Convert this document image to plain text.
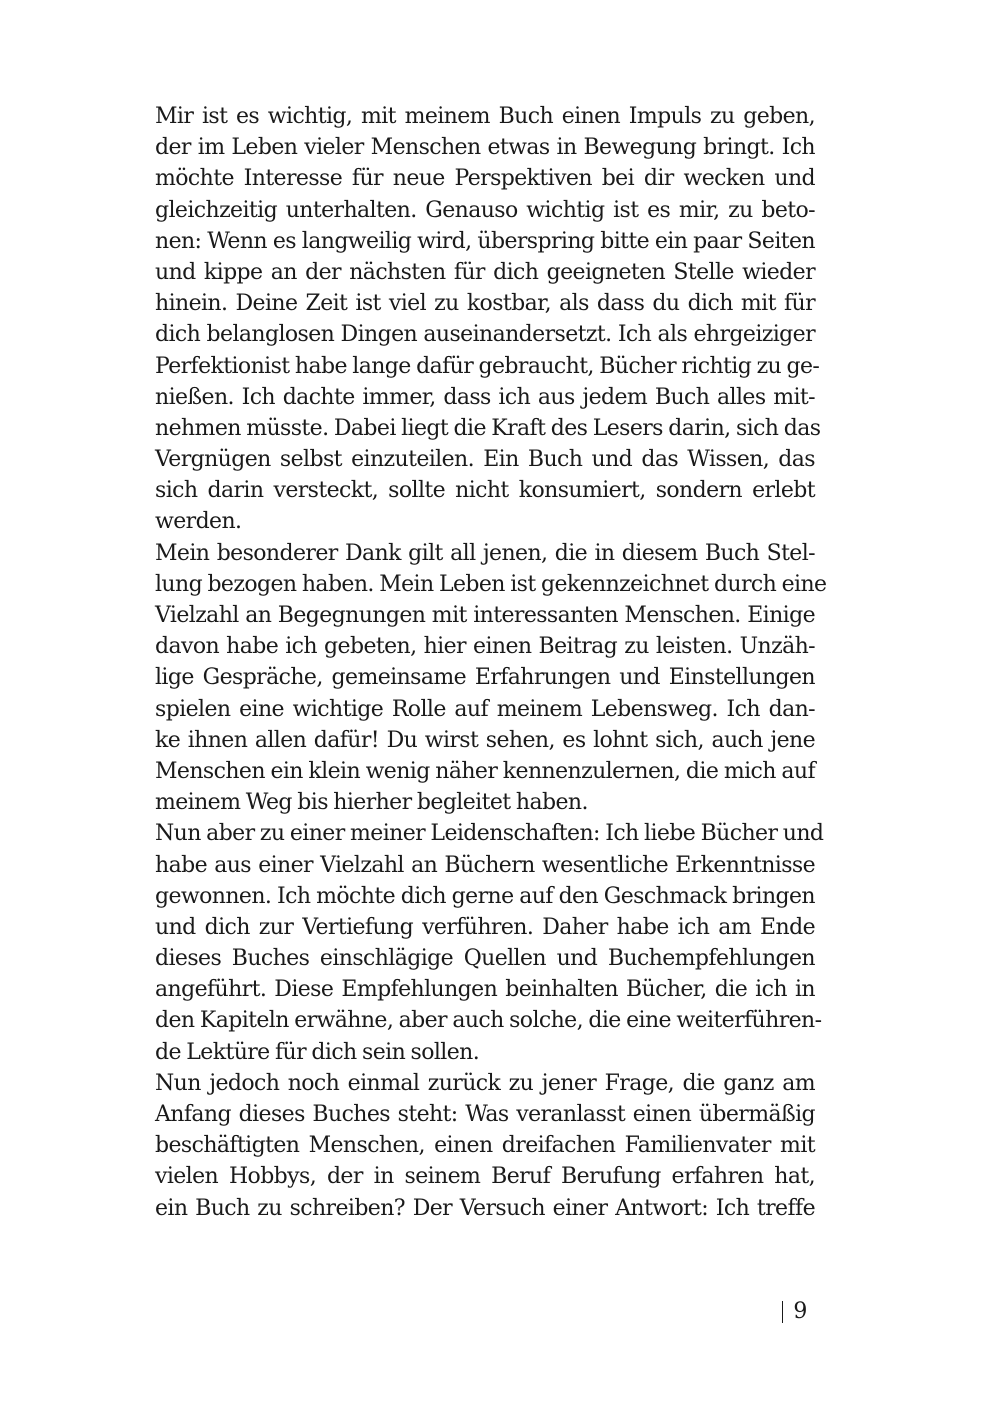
Mir ist es wichtig, mit meinem Buch einen Impuls zu geben,
der im Leben vieler Menschen etwas in Bewegung bringt. Ich
möchte Interesse für neue Perspektiven bei dir wecken und
gleichzeitig unterhalten. Genauso wichtig ist es mir, zu beto-
nen: Wenn es langweilig wird, überspring bitte ein paar Seiten
und kippe an der nächsten für dich geeigneten Stelle wieder
hinein. Deine Zeit ist viel zu kostbar, als dass du dich mit für
dich belanglosen Dingen auseinandersetzt. Ich als ehrgeiziger
Perfektionist habe lange dafür gebraucht, Bücher richtig zu ge-
nießen. Ich dachte immer, dass ich aus jedem Buch alles mit-
nehmen müsste. Dabei liegt die Kraft des Lesers darin, sich das
Vergnügen selbst einzuteilen. Ein Buch und das Wissen, das
sich darin versteckt, sollte nicht konsumiert, sondern erlebt
werden.
Mein besonderer Dank gilt all jenen, die in diesem Buch Stel-
lung bezogen haben. Mein Leben ist gekennzeichnet durch eine
Vielzahl an Begegnungen mit interessanten Menschen. Einige
davon habe ich gebeten, hier einen Beitrag zu leisten. Unzäh-
lige Gespräche, gemeinsame Erfahrungen und Einstellungen
spielen eine wichtige Rolle auf meinem Lebensweg. Ich dan-
ke ihnen allen dafür! Du wirst sehen, es lohnt sich, auch jene
Menschen ein klein wenig näher kennenzulernen, die mich auf
meinem Weg bis hierher begleitet haben.
Nun aber zu einer meiner Leidenschaften: Ich liebe Bücher und
habe aus einer Vielzahl an Büchern wesentliche Erkenntnisse
gewonnen. Ich möchte dich gerne auf den Geschmack bringen
und dich zur Vertiefung verführen. Daher habe ich am Ende
dieses Buches einschlägige Quellen und Buchempfehlungen
angeführt. Diese Empfehlungen beinhalten Bücher, die ich in
den Kapiteln erwähne, aber auch solche, die eine weiterführen-
de Lektüre für dich sein sollen.
Nun jedoch noch einmal zurück zu jener Frage, die ganz am
Anfang dieses Buches steht: Was veranlasst einen übermäßig
beschäftigten Menschen, einen dreifachen Familienvater mit
vielen Hobbys, der in seinem Beruf Berufung erfahren hat,
ein Buch zu schreiben? Der Versuch einer Antwort: Ich treffe
9
